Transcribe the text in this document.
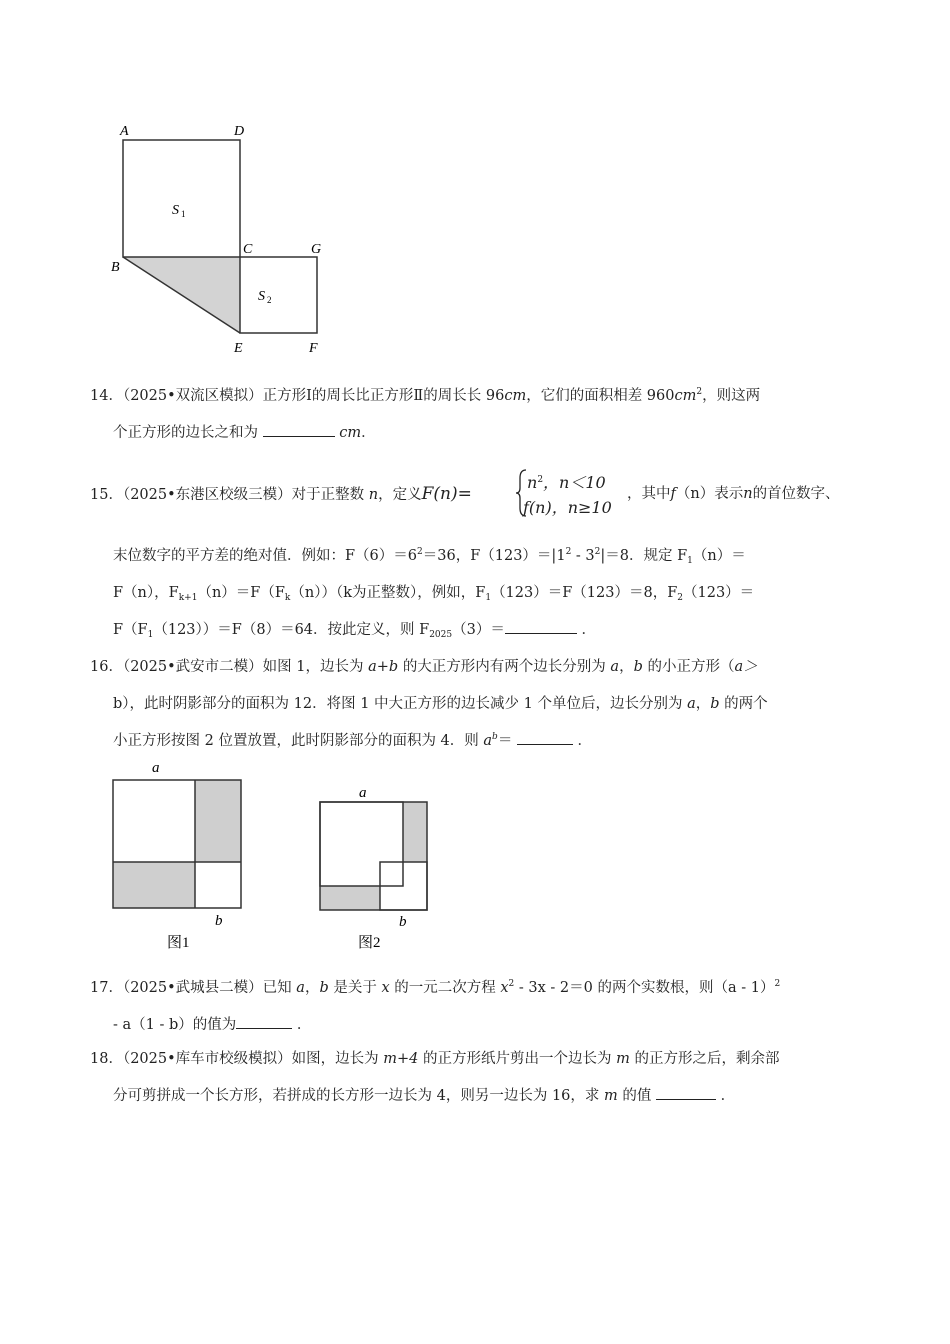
A	D
S 1
B
C	G
S 2
E	F
14．（2025•双流区模拟）正方形Ⅰ的周长比正方形Ⅱ的周长长 96cm，它们的面积相差 $960cm^2$，则这两
个正方形的边长之和为	cm．
15．（2025•东港区校级三模）对于正整数 n，定义F(n)=
$n^2$，n＜10
f(n)，n≥10
，其中f（n）表示n的首位数字、
末位数字的平方差的绝对值．例如：$F(6)=6^2=36$，$F(123)=|1^2 - 3^2|=8$．规定 $F_1(n)=$
F（n），$F_{k+1}(n)=F(F_k(n))(k$为正整数），例如，$F_1(123)=F(123)=8$，$F_2(123)=$
$F(F_1(123))=F(8)=64$．按此定义，则 $F_{2025}(3)=$	．
16．（2025•武安市二模）如图 1，边长为 a+b 的大正方形内有两个边长分别为 a，b 的小正方形（a＞
b），此时阴影部分的面积为 12．将图 1 中大正方形的边长减少 1 个单位后，边长分别为 a，b 的两个
小正方形按图 2 位置放置，此时阴影部分的面积为 4．则 $a^b=$	．
a
b
图1
a
b
图2
17．（2025•武城县二模）已知 a，b 是关于 x 的一元二次方程 $x^2 - 3x - 2=0$ 的两个实数根，则（a - 1）$^2$
- a（1 - b）的值为	．
18．（2025•库车市校级模拟）如图，边长为 m+4 的正方形纸片剪出一个边长为 m 的正方形之后，剩余部
分可剪拼成一个长方形，若拼成的长方形一边长为 4，则另一边长为 16，求 m 的值	．
